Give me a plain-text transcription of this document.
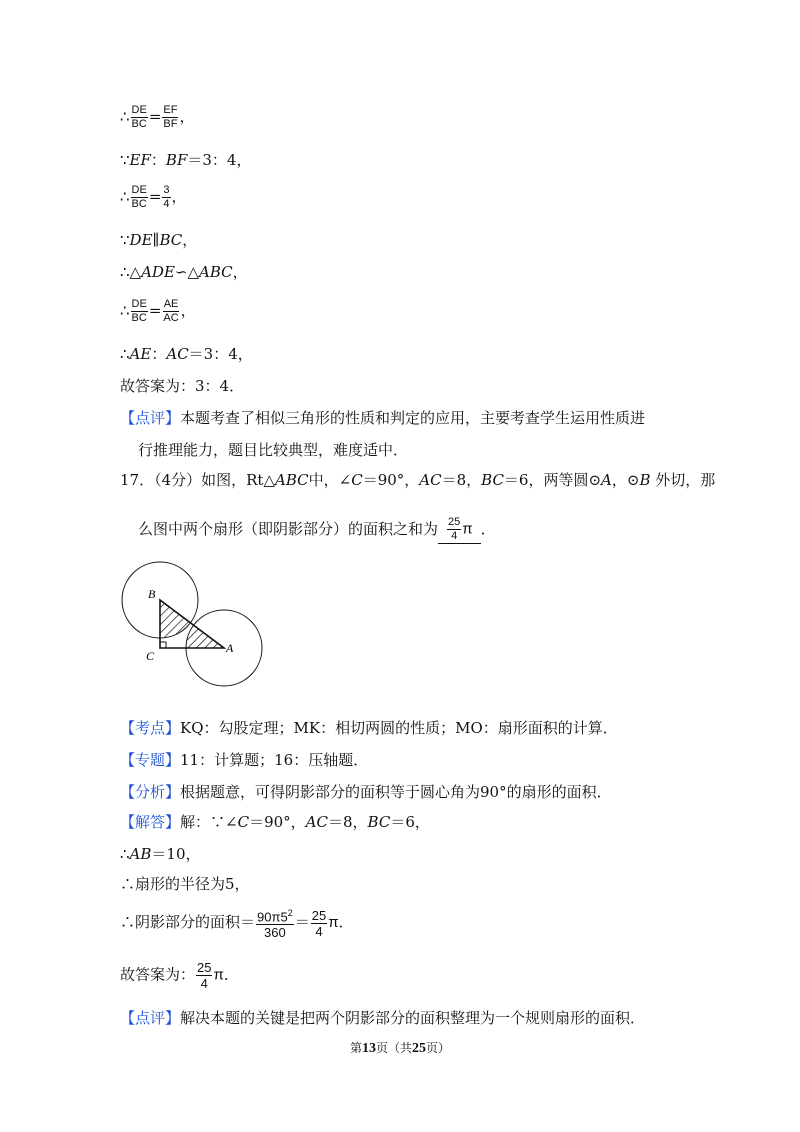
∴ $\frac{DE}{BC} = \frac{EF}{BF}$ ，
∵EF：BF＝3：4，
∴ $\frac{DE}{BC} = \frac{3}{4}$ ，
∵DE∥BC，
∴△ADE∽△ABC，
∴ $\frac{DE}{BC} = \frac{AE}{AC}$ ，
∴AE：AC＝3：4，
故答案为：3：4．
【点评】本题考查了相似三角形的性质和判定的应用，主要考查学生运用性质进
行推理能力，题目比较典型，难度适中．
17．（4分）如图，Rt△ABC中，∠C＝90°，AC＝8，BC＝6，两等圆⊙A，⊙B 外切，那
么图中两个扇形（即阴影部分）的面积之和为 $\frac{25}{4}$ π ．
B
C
A
【考点】KQ：勾股定理；MK：相切两圆的性质；MO：扇形面积的计算．
【专题】11：计算题；16：压轴题．
【分析】根据题意，可得阴影部分的面积等于圆心角为90°的扇形的面积．
【解答】解：∵∠C＝90°，AC＝8，BC＝6，
∴AB＝10，
∴扇形的半径为5，
∴阴影部分的面积＝ $\frac{90\pi 5^2}{360} = \frac{25}{4}$ π．
故答案为： $\frac{25}{4}$ π．
【点评】解决本题的关键是把两个阴影部分的面积整理为一个规则扇形的面积．
第13页（共25页）
